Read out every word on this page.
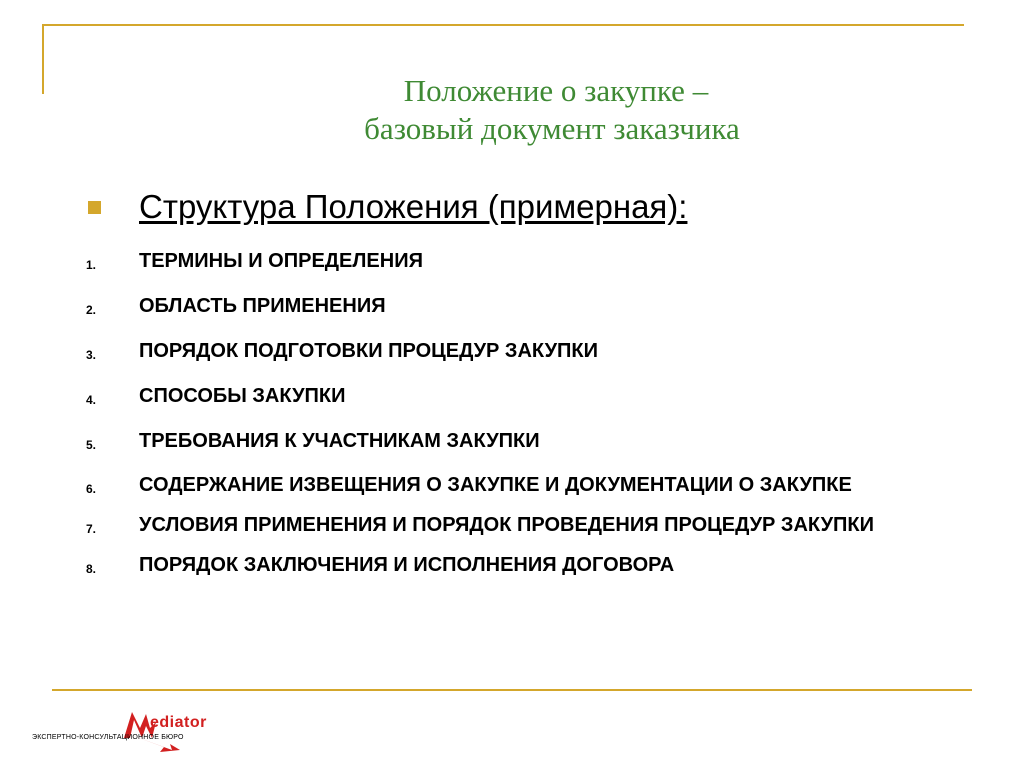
Положение о закупке –
базовый документ заказчика
Структура Положения (примерная):
1.	ТЕРМИНЫ И ОПРЕДЕЛЕНИЯ
2.	ОБЛАСТЬ ПРИМЕНЕНИЯ
3.	ПОРЯДОК ПОДГОТОВКИ ПРОЦЕДУР ЗАКУПКИ
4.	СПОСОБЫ ЗАКУПКИ
5.	ТРЕБОВАНИЯ К УЧАСТНИКАМ ЗАКУПКИ
6.	СОДЕРЖАНИЕ ИЗВЕЩЕНИЯ О ЗАКУПКЕ И ДОКУМЕНТАЦИИ О ЗАКУПКЕ
7.	УСЛОВИЯ ПРИМЕНЕНИЯ И ПОРЯДОК ПРОВЕДЕНИЯ ПРОЦЕДУР ЗАКУПКИ
8.	ПОРЯДОК ЗАКЛЮЧЕНИЯ И ИСПОЛНЕНИЯ ДОГОВОРА
ediator
ЭКСПЕРТНО-КОНСУЛЬТАЦИОННОЕ БЮРО
